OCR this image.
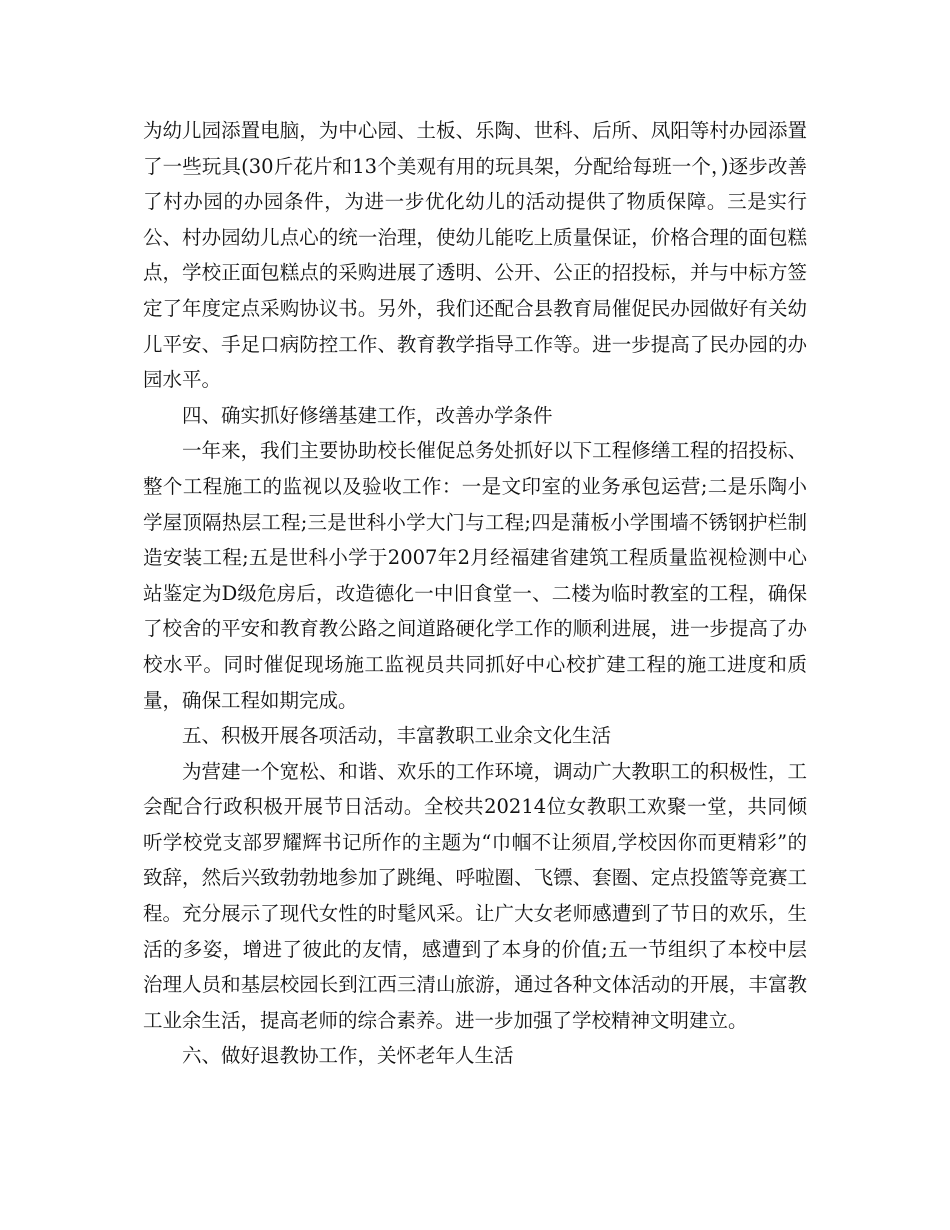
为幼儿园添置电脑，为中心园、土板、乐陶、世科、后所、凤阳等村办园添置了一些玩具(30斤花片和13个美观有用的玩具架，分配给每班一个，)逐步改善了村办园的办园条件，为进一步优化幼儿的活动提供了物质保障。三是实行公、村办园幼儿点心的统一治理，使幼儿能吃上质量保证，价格合理的面包糕点，学校正面包糕点的采购进展了透明、公开、公正的招投标，并与中标方签定了年度定点采购协议书。另外，我们还配合县教育局催促民办园做好有关幼儿平安、手足口病防控工作、教育教学指导工作等。进一步提高了民办园的办园水平。

四、确实抓好修缮基建工作，改善办学条件

一年来，我们主要协助校长催促总务处抓好以下工程修缮工程的招投标、整个工程施工的监视以及验收工作：一是文印室的业务承包运营;二是乐陶小学屋顶隔热层工程;三是世科小学大门与工程;四是蒲板小学围墙不锈钢护栏制造安装工程;五是世科小学于2007年2月经福建省建筑工程质量监视检测中心站鉴定为D级危房后，改造德化一中旧食堂一、二楼为临时教室的工程，确保了校舍的平安和教育教公路之间道路硬化学工作的顺利进展，进一步提高了办校水平。同时催促现场施工监视员共同抓好中心校扩建工程的施工进度和质量，确保工程如期完成。

五、积极开展各项活动，丰富教职工业余文化生活

为营建一个宽松、和谐、欢乐的工作环境，调动广大教职工的积极性，工会配合行政积极开展节日活动。全校共20214位女教职工欢聚一堂，共同倾听学校党支部罗耀辉书记所作的主题为“巾帼不让须眉,学校因你而更精彩”的致辞，然后兴致勃勃地参加了跳绳、呼啦圈、飞镖、套圈、定点投篮等竞赛工程。充分展示了现代女性的时髦风采。让广大女老师感遭到了节日的欢乐，生活的多姿，增进了彼此的友情，感遭到了本身的价值;五一节组织了本校中层治理人员和基层校园长到江西三清山旅游，通过各种文体活动的开展，丰富教工业余生活，提高老师的综合素养。进一步加强了学校精神文明建立。

六、做好退教协工作，关怀老年人生活
